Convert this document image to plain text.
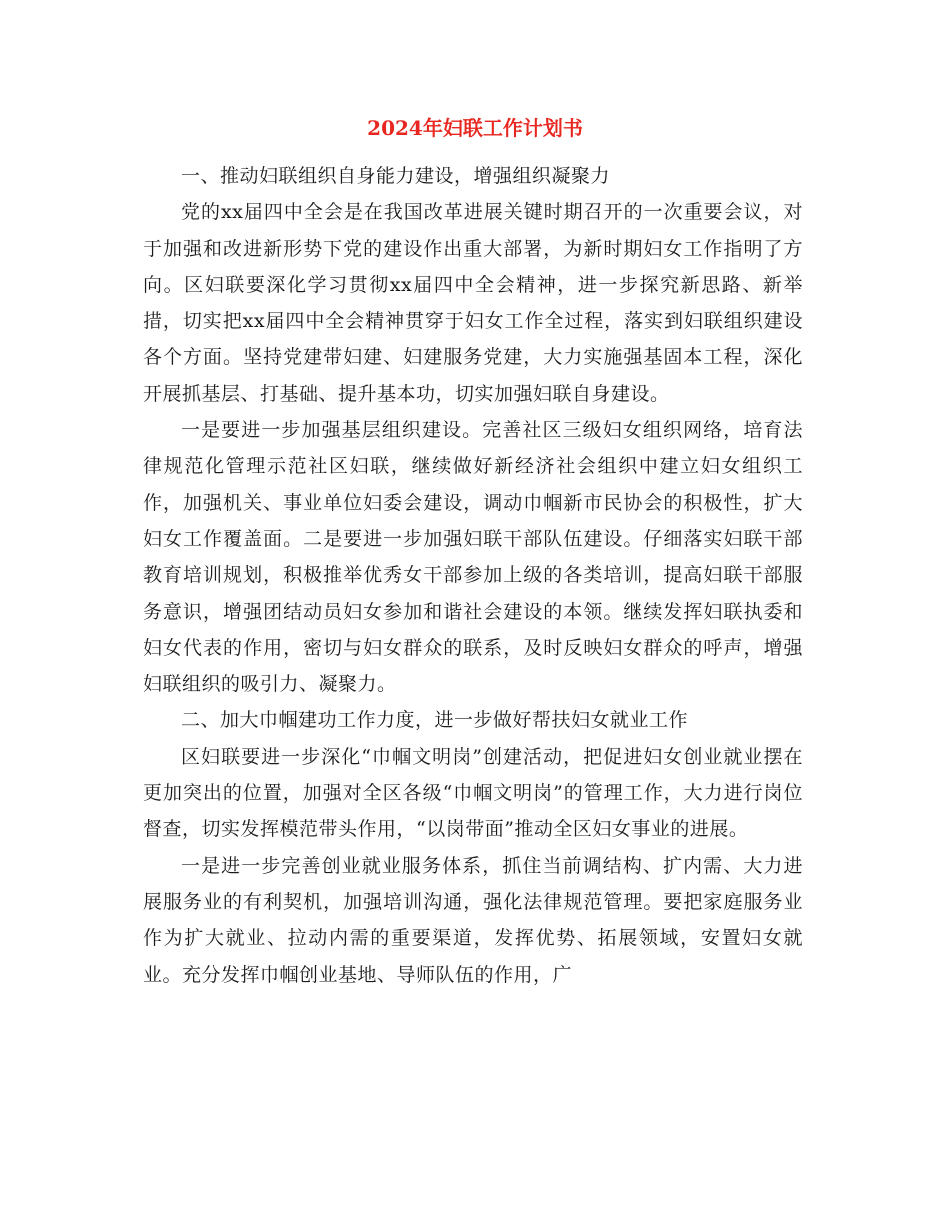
2024年妇联工作计划书

一、推动妇联组织自身能力建设，增强组织凝聚力

党的xx届四中全会是在我国改革进展关键时期召开的一次重要会议，对于加强和改进新形势下党的建设作出重大部署，为新时期妇女工作指明了方向。区妇联要深化学习贯彻xx届四中全会精神，进一步探究新思路、新举措，切实把xx届四中全会精神贯穿于妇女工作全过程，落实到妇联组织建设各个方面。坚持党建带妇建、妇建服务党建，大力实施强基固本工程，深化开展抓基层、打基础、提升基本功，切实加强妇联自身建设。

一是要进一步加强基层组织建设。完善社区三级妇女组织网络，培育法律规范化管理示范社区妇联，继续做好新经济社会组织中建立妇女组织工作，加强机关、事业单位妇委会建设，调动巾帼新市民协会的积极性，扩大妇女工作覆盖面。二是要进一步加强妇联干部队伍建设。仔细落实妇联干部教育培训规划，积极推举优秀女干部参加上级的各类培训，提高妇联干部服务意识，增强团结动员妇女参加和谐社会建设的本领。继续发挥妇联执委和妇女代表的作用，密切与妇女群众的联系，及时反映妇女群众的呼声，增强妇联组织的吸引力、凝聚力。

二、加大巾帼建功工作力度，进一步做好帮扶妇女就业工作

区妇联要进一步深化“巾帼文明岗”创建活动，把促进妇女创业就业摆在更加突出的位置，加强对全区各级“巾帼文明岗”的管理工作，大力进行岗位督查，切实发挥模范带头作用，“以岗带面”推动全区妇女事业的进展。

一是进一步完善创业就业服务体系，抓住当前调结构、扩内需、大力进展服务业的有利契机，加强培训沟通，强化法律规范管理。要把家庭服务业作为扩大就业、拉动内需的重要渠道，发挥优势、拓展领域，安置妇女就业。充分发挥巾帼创业基地、导师队伍的作用，广
